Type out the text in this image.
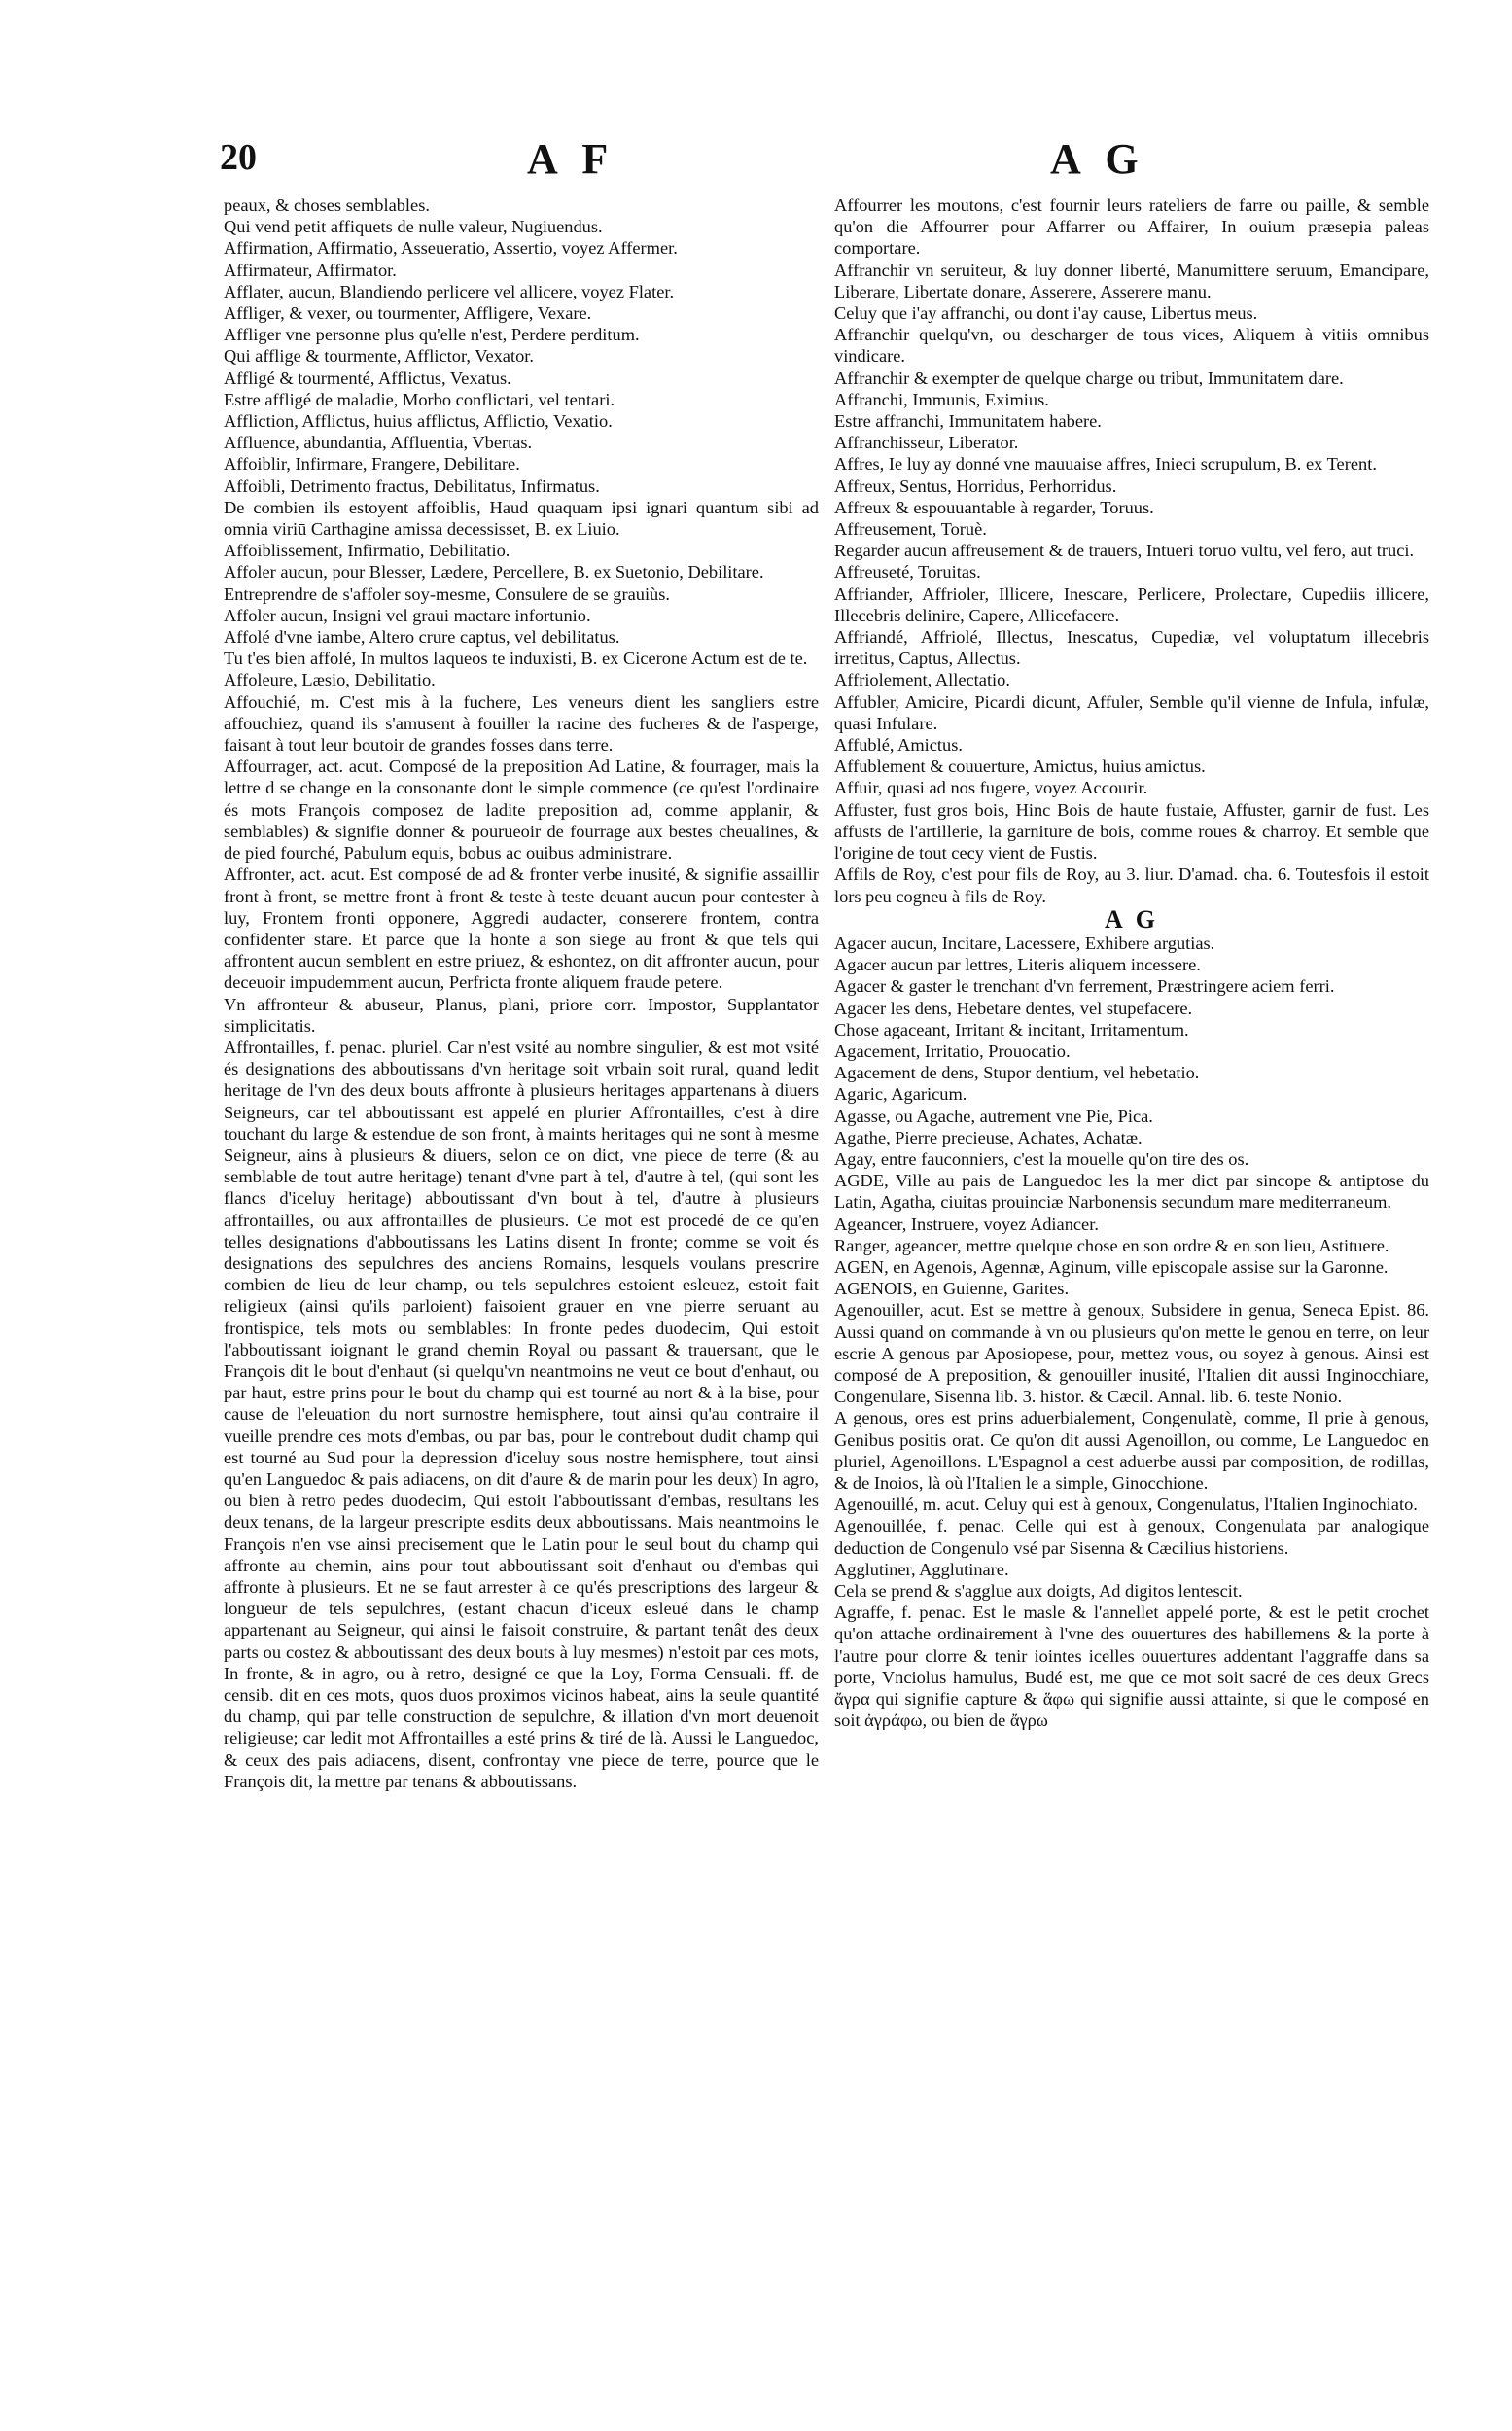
20	A F	A G

peaux, & choses semblables.

Qui vend petit affiquets de nulle valeur, Nugiuendus.

Affirmation, Affirmatio, Asseueratio, Assertio, voyez Affermer.

Affirmateur, Affirmator.

Afflater, aucun, Blandiendo perlicere vel allicere, voyez Flater.

Affliger, & vexer, ou tourmenter, Affligere, Vexare.

Affliger vne personne plus qu'elle n'est, Perdere perditum.

Qui afflige & tourmente, Afflictor, Vexator.

Affligé & tourmenté, Afflictus, Vexatus.

Estre affligé de maladie, Morbo conflictari, vel tentari.

Affliction, Afflictus, huius afflictus, Afflictio, Vexatio.

Affluence, abundantia, Affluentia, Vbertas.

Affoiblir, Infirmare, Frangere, Debilitare.

Affoibli, Detrimento fractus, Debilitatus, Infirmatus.

De combien ils estoyent affoiblis, Haud quaquam ipsi ignari quantum sibi ad omnia viriū Carthagine amissa decessisset, B. ex Liuio.

Affoiblissement, Infirmatio, Debilitatio.

Affoler aucun, pour Blesser, Lædere, Percellere, B. ex Suetonio, Debilitare.

Entreprendre de s'affoler soy-mesme, Consulere de se grauiùs.

Affoler aucun, Insigni vel graui mactare infortunio.

Affolé d'vne iambe, Altero crure captus, vel debilitatus.

Tu t'es bien affolé, In multos laqueos te induxisti, B. ex Cicerone Actum est de te.

Affoleure, Læsio, Debilitatio.

Affouchié, m. C'est mis à la fuchere, Les veneurs dient les sangliers estre affouchiez, quand ils s'amusent à fouiller la racine des fucheres & de l'asperge, faisant à tout leur boutoir de grandes fosses dans terre.

Affourrager, act. acut. Composé de la preposition Ad Latine, & fourrager, mais la lettre d se change en la consonante dont le simple commence (ce qu'est l'ordinaire és mots François composez de ladite preposition ad, comme applanir, & semblables) & signifie donner & pourueoir de fourrage aux bestes cheualines, & de pied fourché, Pabulum equis, bobus ac ouibus administrare.

Affronter, act. acut. Est composé de ad & fronter verbe inusité, & signifie assaillir front à front, se mettre front à front & teste à teste deuant aucun pour contester à luy, Frontem fronti opponere, Aggredi audacter, conserere frontem, contra confidenter stare. Et parce que la honte a son siege au front & que tels qui affrontent aucun semblent en estre priuez, & eshontez, on dit affronter aucun, pour deceuoir impudemment aucun, Perfricta fronte aliquem fraude petere.

Vn affronteur & abuseur, Planus, plani, priore corr. Impostor, Supplantator simplicitatis.

Affrontailles, f. penac. pluriel. Car n'est vsité au nombre singulier, & est mot vsité és designations des abboutissans d'vn heritage soit vrbain soit rural, quand ledit heritage de l'vn des deux bouts affronte à plusieurs heritages appartenans à diuers Seigneurs, car tel abboutissant est appelé en plurier Affrontailles, c'est à dire touchant du large & estendue de son front, à maints heritages qui ne sont à mesme Seigneur, ains à plusieurs & diuers, selon ce on dict, vne piece de terre (& au semblable de tout autre heritage) tenant d'vne part à tel, d'autre à tel, (qui sont les flancs d'iceluy heritage) abboutissant d'vn bout à tel, d'autre à plusieurs affrontailles, ou aux affrontailles de plusieurs. Ce mot est procedé de ce qu'en telles designations d'abboutissans les Latins disent In fronte; comme se voit és designations des sepulchres des anciens Romains, lesquels voulans prescrire combien de lieu de leur champ, ou tels sepulchres estoient esleuez, estoit fait religieux (ainsi qu'ils parloient) faisoient grauer en vne pierre seruant au frontispice, tels mots ou semblables: In fronte pedes duodecim, Qui estoit l'abboutissant ioignant le grand chemin Royal ou passant & trauersant, que le François dit le bout d'enhaut (si quelqu'vn neantmoins ne veut ce bout d'enhaut, ou par haut, estre prins pour le bout du champ qui est tourné au nort & à la bise, pour cause de l'eleuation du nort surnostre hemisphere, tout ainsi qu'au contraire il vueille prendre ces mots d'embas, ou par bas, pour le contrebout dudit champ qui est tourné au Sud pour la depression d'iceluy sous nostre hemisphere, tout ainsi qu'en Languedoc & pais adiacens, on dit d'aure & de marin pour les deux) In agro, ou bien à retro pedes duodecim, Qui estoit l'abboutissant d'embas, resultans les deux tenans, de la largeur prescripte esdits deux abboutissans. Mais neantmoins le François n'en vse ainsi precisement que le Latin pour le seul bout du champ qui affronte au chemin, ains pour tout abboutissant soit d'enhaut ou d'embas qui affronte à plusieurs. Et ne se faut arrester à ce qu'és prescriptions des largeur & longueur de tels sepulchres, (estant chacun d'iceux esleué dans le champ appartenant au Seigneur, qui ainsi le faisoit construire, & partant tenât des deux parts ou costez & abboutissant des deux bouts à luy mesmes) n'estoit par ces mots, In fronte, & in agro, ou à retro, designé ce que la Loy, Forma Censuali. ff. de censib. dit en ces mots, quos duos proximos vicinos habeat, ains la seule quantité du champ, qui par telle construction de sepulchre, & illation d'vn mort deuenoit religieuse; car ledit mot Affrontailles a esté prins & tiré de là. Aussi le Languedoc, & ceux des pais adiacens, disent, confrontay vne piece de terre, pource que le François dit, la mettre par tenans & abboutissans.

Affourrer les moutons, c'est fournir leurs rateliers de farre ou paille, & semble qu'on die Affourrer pour Affarrer ou Affairer, In ouium præsepia paleas comportare.

Affranchir vn seruiteur, & luy donner liberté, Manumittere seruum, Emancipare, Liberare, Libertate donare, Asserere, Asserere manu.

Celuy que i'ay affranchi, ou dont i'ay cause, Libertus meus.

Affranchir quelqu'vn, ou descharger de tous vices, Aliquem à vitiis omnibus vindicare.

Affranchir & exempter de quelque charge ou tribut, Immunitatem dare.

Affranchi, Immunis, Eximius.

Estre affranchi, Immunitatem habere.

Affranchisseur, Liberator.

Affres, Ie luy ay donné vne mauuaise affres, Inieci scrupulum, B. ex Terent.

Affreux, Sentus, Horridus, Perhorridus.

Affreux & espouuantable à regarder, Toruus.

Affreusement, Toruè.

Regarder aucun affreusement & de trauers, Intueri toruo vultu, vel fero, aut truci.

Affreuseté, Toruitas.

Affriander, Affrioler, Illicere, Inescare, Perlicere, Prolectare, Cupediis illicere, Illecebris delinire, Capere, Allicefacere.

Affriandé, Affriolé, Illectus, Inescatus, Cupediæ, vel voluptatum illecebris irretitus, Captus, Allectus.

Affriolement, Allectatio.

Affubler, Amicire, Picardi dicunt, Affuler, Semble qu'il vienne de Infula, infulæ, quasi Infulare.

Affublé, Amictus.

Affublement & couuerture, Amictus, huius amictus.

Affuir, quasi ad nos fugere, voyez Accourir.

Affuster, fust gros bois, Hinc Bois de haute fustaie, Affuster, garnir de fust. Les affusts de l'artillerie, la garniture de bois, comme roues & charroy. Et semble que l'origine de tout cecy vient de Fustis.

Affils de Roy, c'est pour fils de Roy, au 3. liur. D'amad. cha. 6. Toutesfois il estoit lors peu cogneu à fils de Roy.

A G

Agacer aucun, Incitare, Lacessere, Exhibere argutias.

Agacer aucun par lettres, Literis aliquem incessere.

Agacer & gaster le trenchant d'vn ferrement, Præstringere aciem ferri.

Agacer les dens, Hebetare dentes, vel stupefacere.

Chose agaceant, Irritant & incitant, Irritamentum.

Agacement, Irritatio, Prouocatio.

Agacement de dens, Stupor dentium, vel hebetatio.

Agaric, Agaricum.

Agasse, ou Agache, autrement vne Pie, Pica.

Agathe, Pierre precieuse, Achates, Achatæ.

Agay, entre fauconniers, c'est la mouelle qu'on tire des os.

AGDE, Ville au pais de Languedoc les la mer dict par sincope & antiptose du Latin, Agatha, ciuitas prouinciæ Narbonensis secundum mare mediterraneum.

Ageancer, Instruere, voyez Adiancer.

Ranger, ageancer, mettre quelque chose en son ordre & en son lieu, Astituere.

AGEN, en Agenois, Agennæ, Aginum, ville episcopale assise sur la Garonne.

AGENOIS, en Guienne, Garites.

Agenouiller, acut. Est se mettre à genoux, Subsidere in genua, Seneca Epist. 86. Aussi quand on commande à vn ou plusieurs qu'on mette le genou en terre, on leur escrie A genous par Aposiopese, pour, mettez vous, ou soyez à genous. Ainsi est composé de A preposition, & genouiller inusité, l'Italien dit aussi Inginocchiare, Congenulare, Sisenna lib. 3. histor. & Cæcil. Annal. lib. 6. teste Nonio.

A genous, ores est prins aduerbialement, Congenulatè, comme, Il prie à genous, Genibus positis orat. Ce qu'on dit aussi Agenoillon, ou comme, Le Languedoc en pluriel, Agenoillons. L'Espagnol a cest aduerbe aussi par composition, de rodillas, & de Inoios, là où l'Italien le a simple, Ginocchione.

Agenouillé, m. acut. Celuy qui est à genoux, Congenulatus, l'Italien Inginochiato.

Agenouillée, f. penac. Celle qui est à genoux, Congenulata par analogique deduction de Congenulo vsé par Sisenna & Cæcilius historiens.

Agglutiner, Agglutinare.

Cela se prend & s'agglue aux doigts, Ad digitos lentescit.

Agraffe, f. penac. Est le masle & l'annellet appelé porte, & est le petit crochet qu'on attache ordinairement à l'vne des ouuertures des habillemens & la porte à l'autre pour clorre & tenir iointes icelles ouuertures addentant l'aggraffe dans sa porte, Vnciolus hamulus, Budé est, me que ce mot soit sacré de ces deux Grecs ἄγρα qui signifie capture & ἅφω qui signifie aussi attainte, si que le composé en soit ἀγράφω, ou bien de ἄγρω
